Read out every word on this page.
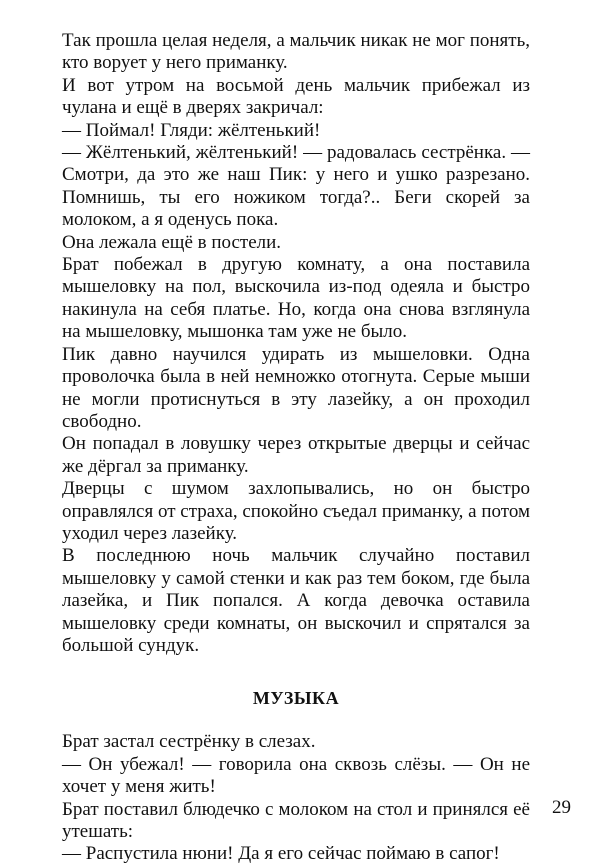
Так прошла целая неделя, а мальчик никак не мог понять, кто ворует у него приманку.

И вот утром на восьмой день мальчик прибежал из чулана и ещё в дверях закричал:

— Поймал! Гляди: жёлтенький!

— Жёлтенький, жёлтенький! — радовалась сестрёнка. — Смотри, да это же наш Пик: у него и ушко разрезано. Помнишь, ты его ножиком тогда?.. Беги скорей за молоком, а я оденусь пока.

Она лежала ещё в постели.

Брат побежал в другую комнату, а она поставила мышеловку на пол, выскочила из-под одеяла и быстро накинула на себя платье. Но, когда она снова взглянула на мышеловку, мышонка там уже не было.

Пик давно научился удирать из мышеловки. Одна проволочка была в ней немножко отогнута. Серые мыши не могли протиснуться в эту лазейку, а он проходил свободно.

Он попадал в ловушку через открытые дверцы и сейчас же дёргал за приманку.

Дверцы с шумом захлопывались, но он быстро оправлялся от страха, спокойно съедал приманку, а потом уходил через лазейку.

В последнюю ночь мальчик случайно поставил мышеловку у самой стенки и как раз тем боком, где была лазейка, и Пик попался. А когда девочка оставила мышеловку среди комнаты, он выскочил и спрятался за большой сундук.

МУЗЫКА

Брат застал сестрёнку в слезах.

— Он убежал! — говорила она сквозь слёзы. — Он не хочет у меня жить!

Брат поставил блюдечко с молоком на стол и принялся её утешать:

— Распустила нюни! Да я его сейчас поймаю в сапог!

29
